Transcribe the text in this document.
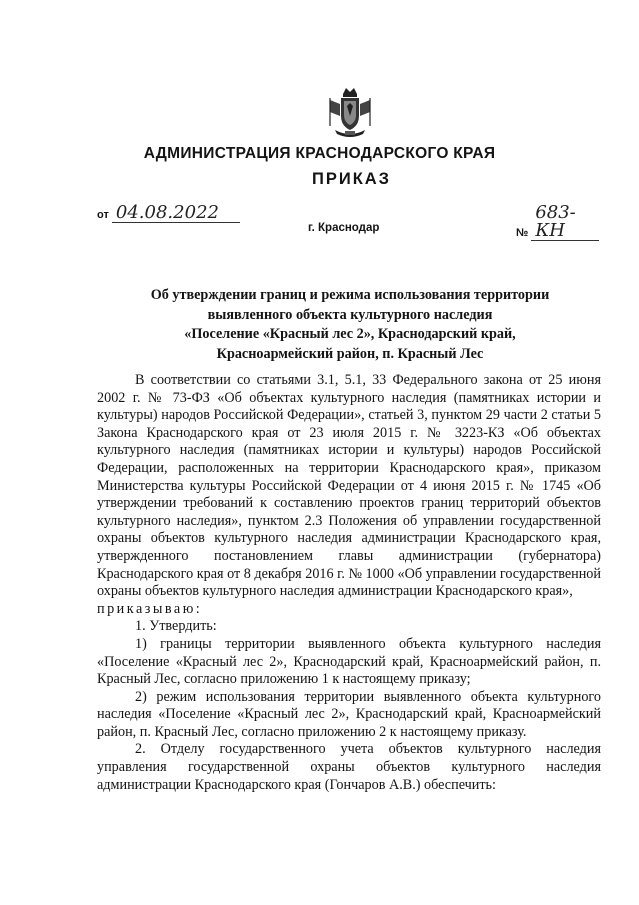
АДМИНИСТРАЦИЯ КРАСНОДАРСКОГО КРАЯ
ПРИКАЗ
от 04.08.2022
№ 683-КН
г. Краснодар
Об утверждении границ и режима использования территории
выявленного объекта культурного наследия
«Поселение «Красный лес 2», Краснодарский край,
Красноармейский район, п. Красный Лес

В соответствии со статьями 3.1, 5.1, 33 Федерального закона от 25 июня 2002 г. № 73-ФЗ «Об объектах культурного наследия (памятниках истории и культуры) народов Российской Федерации», статьей 3, пунктом 29 части 2 статьи 5 Закона Краснодарского края от 23 июля 2015 г. № 3223-КЗ «Об объектах культурного наследия (памятниках истории и культуры) народов Российской Федерации, расположенных на территории Краснодарского края», приказом Министерства культуры Российской Федерации от 4 июня 2015 г. № 1745 «Об утверждении требований к составлению проектов границ территорий объектов культурного наследия», пунктом 2.3 Положения об управлении государственной охраны объектов культурного наследия администрации Краснодарского края, утвержденного постановлением главы администрации (губернатора) Краснодарского края от 8 декабря 2016 г. № 1000 «Об управлении государственной охраны объектов культурного наследия администрации Краснодарского края»,
приказываю:

1. Утвердить:

1) границы территории выявленного объекта культурного наследия «Поселение «Красный лес 2», Краснодарский край, Красноармейский район, п. Красный Лес, согласно приложению 1 к настоящему приказу;

2) режим использования территории выявленного объекта культурного наследия «Поселение «Красный лес 2», Краснодарский край, Красноармейский район, п. Красный Лес, согласно приложению 2 к настоящему приказу.

2. Отделу государственного учета объектов культурного наследия управления государственной охраны объектов культурного наследия администрации Краснодарского края (Гончаров А.В.) обеспечить:
